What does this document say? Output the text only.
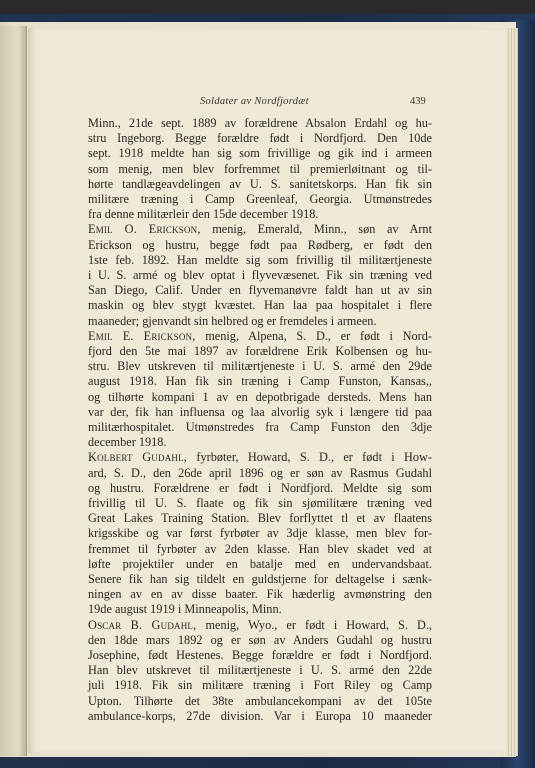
Soldater av Nordfjordæt	439
Minn., 21de sept. 1889 av forældrene Absalon Erdahl og hu-
stru Ingeborg. Begge forældre født i Nordfjord. Den 10de
sept. 1918 meldte han sig som frivillige og gik ind i armeen
som menig, men blev forfremmet til premierløitnant og til-
hørte tandlægeavdelingen av U. S. sanitetskorps. Han fik sin
militære træning i Camp Greenleaf, Georgia. Utmønstredes
fra denne militærleir den 15de december 1918.
Emil O. Erickson, menig, Emerald, Minn., søn av Arnt
Erickson og hustru, begge født paa Rødberg, er født den
1ste feb. 1892. Han meldte sig som frivillig til militærtjeneste
i U. S. armé og blev optat i flyvevæsenet. Fik sin træning ved
San Diego, Calif. Under en flyvemanøvre faldt han ut av sin
maskin og blev stygt kvæstet. Han laa paa hospitalet i flere
maaneder; gjenvandt sin helbred og er fremdeles i armeen.
Emil E. Erickson, menig, Alpena, S. D., er født i Nord-
fjord den 5te mai 1897 av forældrene Erik Kolbensen og hu-
stru. Blev utskreven til militærtjeneste i U. S. armé den 29de
august 1918. Han fik sin træning i Camp Funston, Kansas,,
og tilhørte kompani 1 av en depotbrigade dersteds. Mens han
var der, fik han influensa og laa alvorlig syk i længere tid paa
militærhospitalet. Utmønstredes fra Camp Funston den 3dje
december 1918.
Kolbert Gudahl, fyrbøter, Howard, S. D., er født i How-
ard, S. D., den 26de april 1896 og er søn av Rasmus Gudahl
og hustru. Forældrene er født i Nordfjord. Meldte sig som
frivillig til U. S. flaate og fik sin sjømilitære træning ved
Great Lakes Training Station. Blev forflyttet tl et av flaatens
krigsskibe og var først fyrbøter av 3dje klasse, men blev for-
fremmet til fyrbøter av 2den klasse. Han blev skadet ved at
løfte projektiler under en batalje med en undervandsbaat.
Senere fik han sig tildelt en guldstjerne for deltagelse i sænk-
ningen av en av disse baater. Fik hæderlig avmønstring den
19de august 1919 i Minneapolis, Minn.
Oscar B. Gudahl, menig, Wyo., er født i Howard, S. D.,
den 18de mars 1892 og er søn av Anders Gudahl og hustru
Josephine, født Hestenes. Begge forældre er født i Nordfjord.
Han blev utskrevet til militærtjeneste i U. S. armé den 22de
juli 1918. Fik sin militære træning i Fort Riley og Camp
Upton. Tilhørte det 38te ambulancekompani av det 105te
ambulance-korps, 27de division. Var i Europa 10 maaneder
